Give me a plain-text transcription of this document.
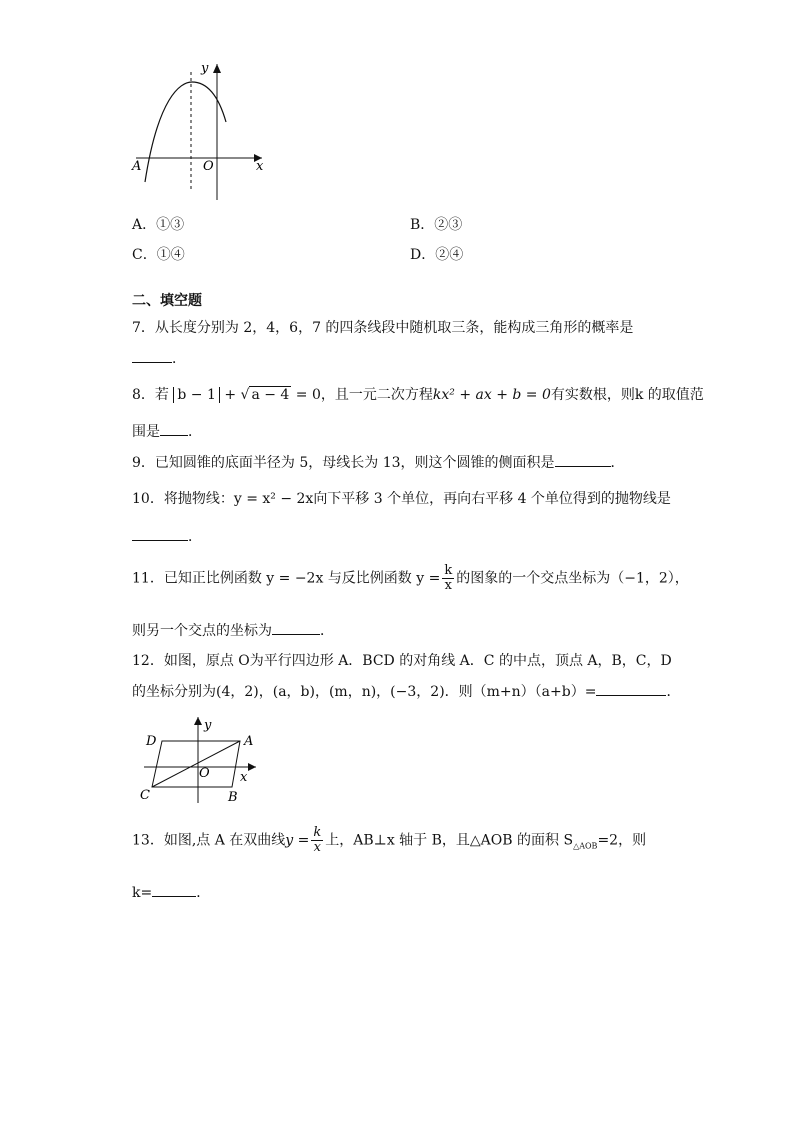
y
x
O
A
A．①③	B．②③
C．①④	D．②④
二、填空题
7．从长度分别为 2，4，6，7 的四条线段中随机取三条，能构成三角形的概率是
．
8．若 b − 1 + √ a − 4 = 0，且一元二次方程kx² + ax + b = 0有实数根，则k 的取值范
围是 ．
9．已知圆锥的底面半径为 5，母线长为 13，则这个圆锥的侧面积是	．
10．将抛物线：y = x² − 2x向下平移 3 个单位，再向右平移 4 个单位得到的抛物线是
．
11．已知正比例函数 y = −2x 与反比例函数 $y = \frac{k}{x}$ 的图象的一个交点坐标为（−1，2），
则另一个交点的坐标为	．
12．如图，原点 O为平行四边形 A．BCD 的对角线 A．C 的中点，顶点 A，B，C，D
的坐标分别为(4，2)，(a，b)，(m，n)，(−3，2)．则（m+n）（a+b）=	．
D	A
y
O x
C	B
13．如图,点 A 在双曲线$y = \frac{k}{x}$ 上，AB⊥x 轴于 B，且△AOB 的面积 $S_{\triangle AOB}=2$，则
k=	．
